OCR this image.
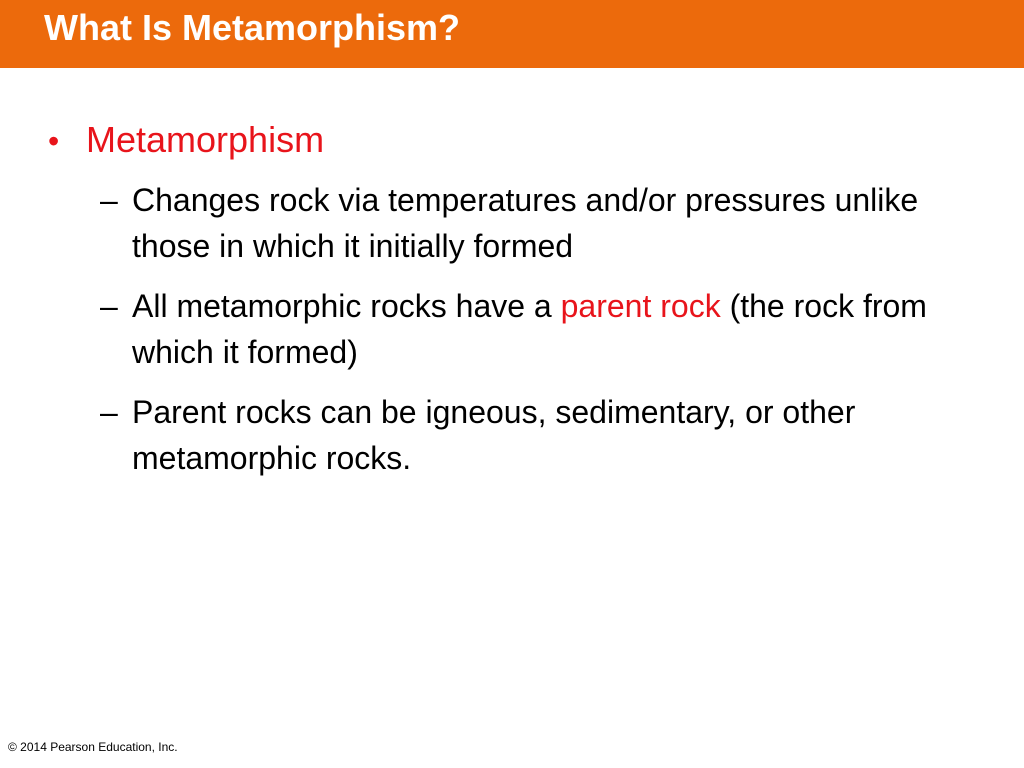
What Is Metamorphism?
• Metamorphism
– Changes rock via temperatures and/or pressures unlike those in which it initially formed
– All metamorphic rocks have a parent rock (the rock from which it formed)
– Parent rocks can be igneous, sedimentary, or other metamorphic rocks.
© 2014 Pearson Education, Inc.
